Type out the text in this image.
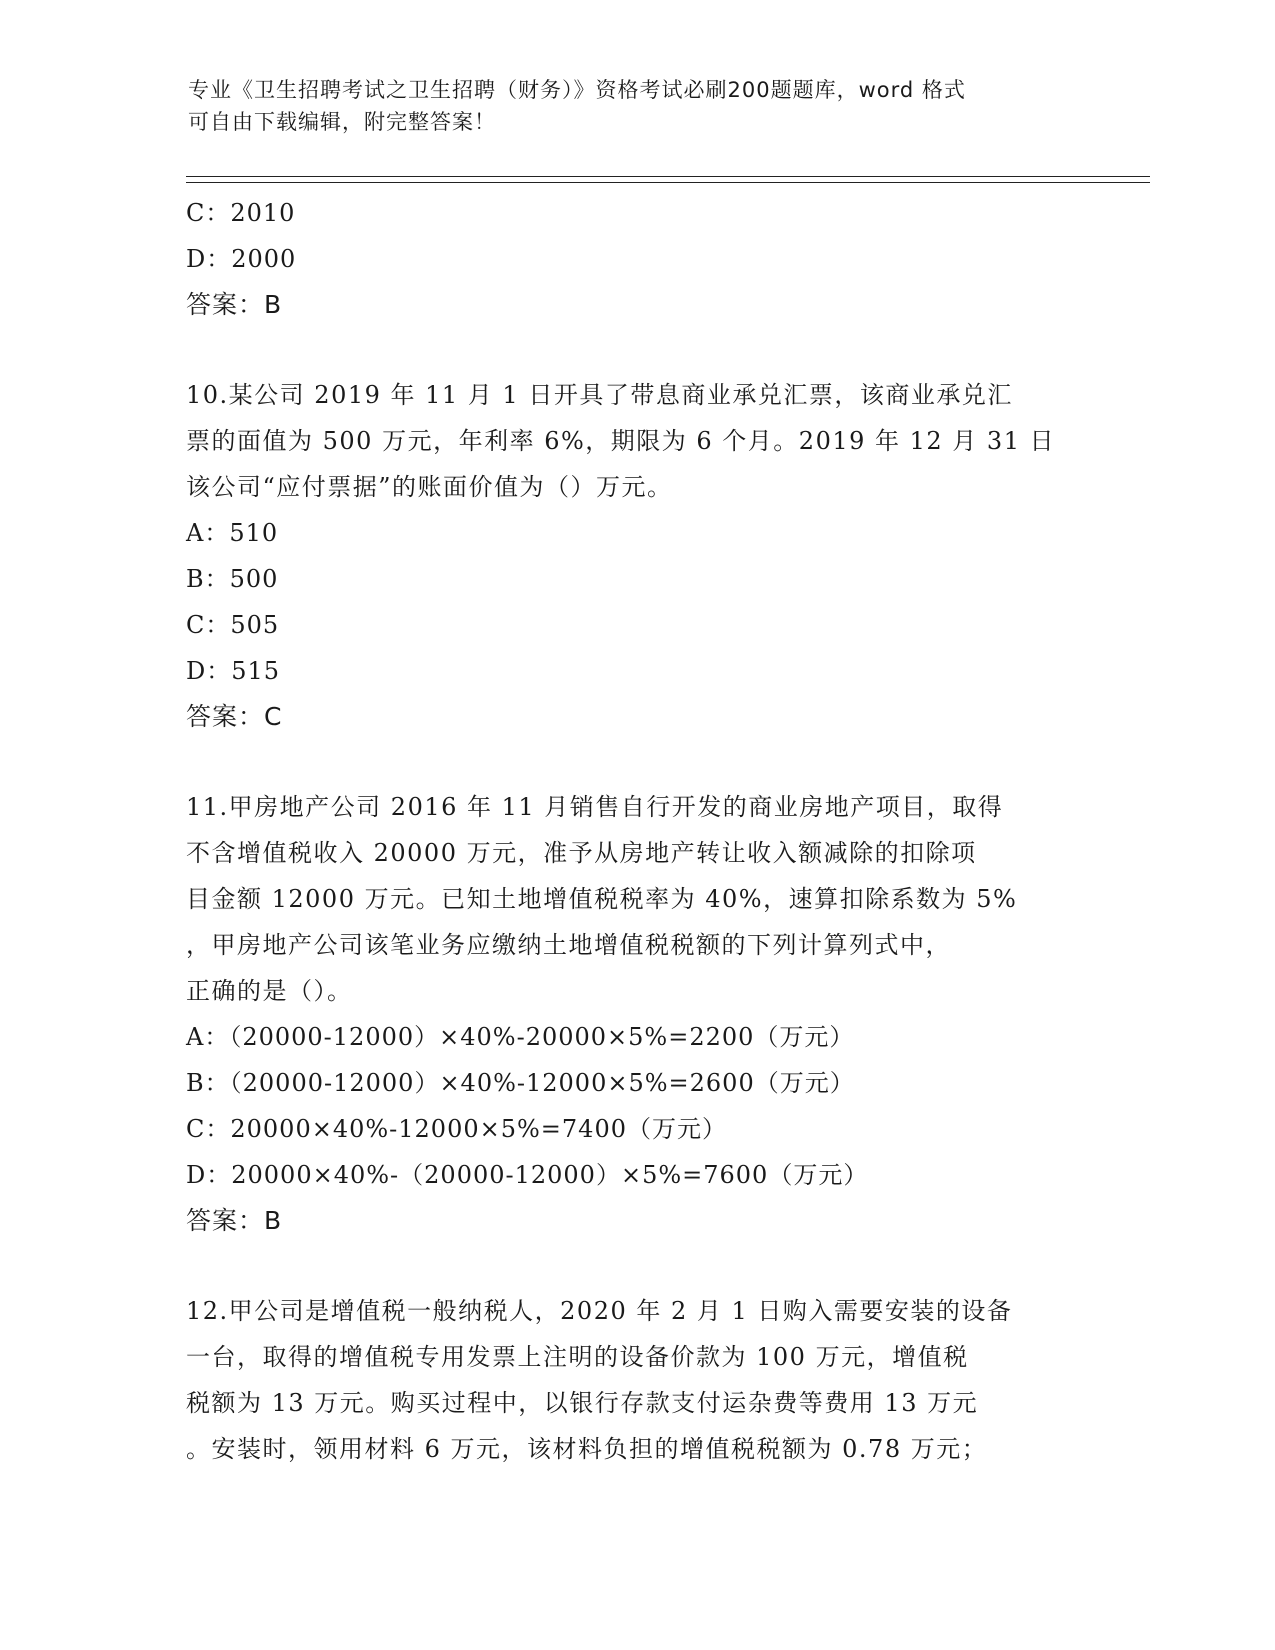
专业《卫生招聘考试之卫生招聘（财务）》资格考试必刷200题题库，word 格式
可自由下载编辑，附完整答案！
C：2010
D：2000
答案：B
10.某公司 2019 年 11 月 1 日开具了带息商业承兑汇票，该商业承兑汇
票的面值为 500 万元，年利率 6%，期限为 6 个月。2019 年 12 月 31 日
该公司“应付票据”的账面价值为（）万元。
A：510
B：500
C：505
D：515
答案：C
11.甲房地产公司 2016 年 11 月销售自行开发的商业房地产项目，取得
不含增值税收入 20000 万元，准予从房地产转让收入额减除的扣除项
目金额 12000 万元。已知土地增值税税率为 40%，速算扣除系数为 5%
，甲房地产公司该笔业务应缴纳土地增值税税额的下列计算列式中，
正确的是（）。
A：（20000-12000）×40%-20000×5%=2200（万元）
B：（20000-12000）×40%-12000×5%=2600（万元）
C：20000×40%-12000×5%=7400（万元）
D：20000×40%-（20000-12000）×5%=7600（万元）
答案：B
12.甲公司是增值税一般纳税人，2020 年 2 月 1 日购入需要安装的设备
一台，取得的增值税专用发票上注明的设备价款为 100 万元，增值税
税额为 13 万元。购买过程中，以银行存款支付运杂费等费用 13 万元
。安装时，领用材料 6 万元，该材料负担的增值税税额为 0.78 万元；
